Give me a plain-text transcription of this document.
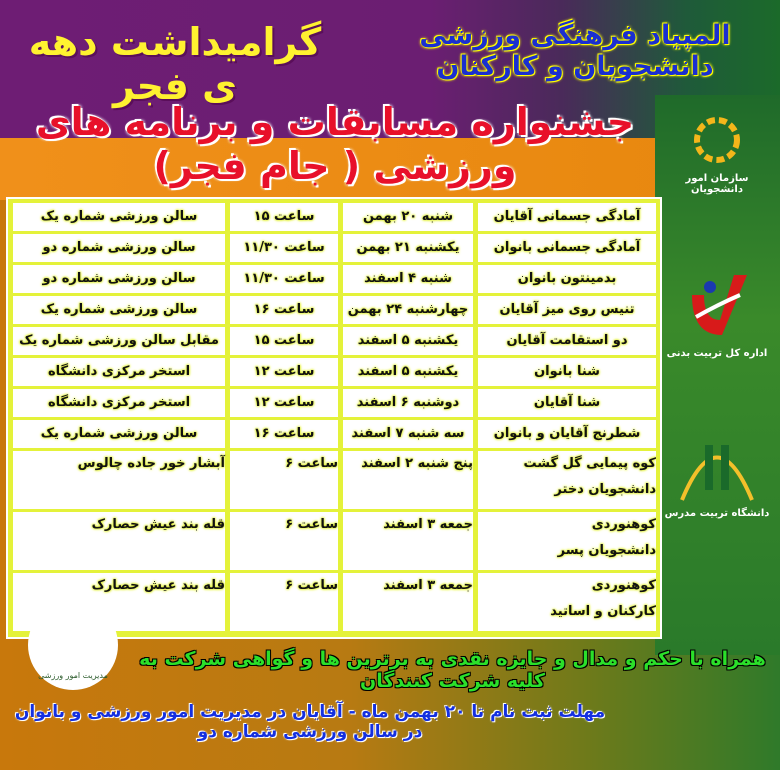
المپیاد فرهنگی ورزشی دانشجویان و کارکنان
گرامیداشت دهه ی فجر
جشنواره مسابقات و برنامه های ورزشی ( جام فجر)	سازمان امور دانشجویان
اداره کل تربیت بدنی
دانشگاه تربیت مدرس
آمادگی جسمانی آقایان
شنبه ۲۰ بهمن
ساعت ۱۵
سالن ورزشی شماره یک
آمادگی جسمانی بانوان
یکشنبه ۲۱ بهمن
ساعت ۱۱/۳۰
سالن ورزشی شماره دو
بدمینتون بانوان
شنبه ۴ اسفند
ساعت ۱۱/۳۰
سالن ورزشی شماره دو
تنیس روی میز آقایان
چهارشنبه ۲۴ بهمن
ساعت ۱۶
سالن ورزشی شماره یک
دو استقامت آقایان
یکشنبه ۵ اسفند
ساعت ۱۵
مقابل سالن ورزشی شماره یک
شنا بانوان
یکشنبه ۵ اسفند
ساعت ۱۲
استخر مرکزی دانشگاه
شنا آقایان
دوشنبه ۶ اسفند
ساعت ۱۲
استخر مرکزی دانشگاه
شطرنج آقایان و بانوان
سه شنبه ۷ اسفند
ساعت ۱۶
سالن ورزشی شماره یک
کوه پیمایی گل گشت
دانشجویان دختر
پنج شنبه ۲ اسفند
ساعت ۶
آبشار خور جاده چالوس
کوهنوردی
دانشجویان پسر
جمعه ۳ اسفند
ساعت ۶
قله بند عیش حصارک
کوهنوردی
کارکنان و اساتید
جمعه ۳ اسفند
ساعت ۶
قله بند عیش حصارک
مدیریت امور ورزشی
همراه با حکم و مدال و جایزه نقدی به برترین ها و گواهی شرکت به کلیه شرکت کنندگان
مهلت ثبت نام تا ۲۰ بهمن ماه - آقایان در مدیریت امور ورزشی و بانوان در سالن ورزشی شماره دو
